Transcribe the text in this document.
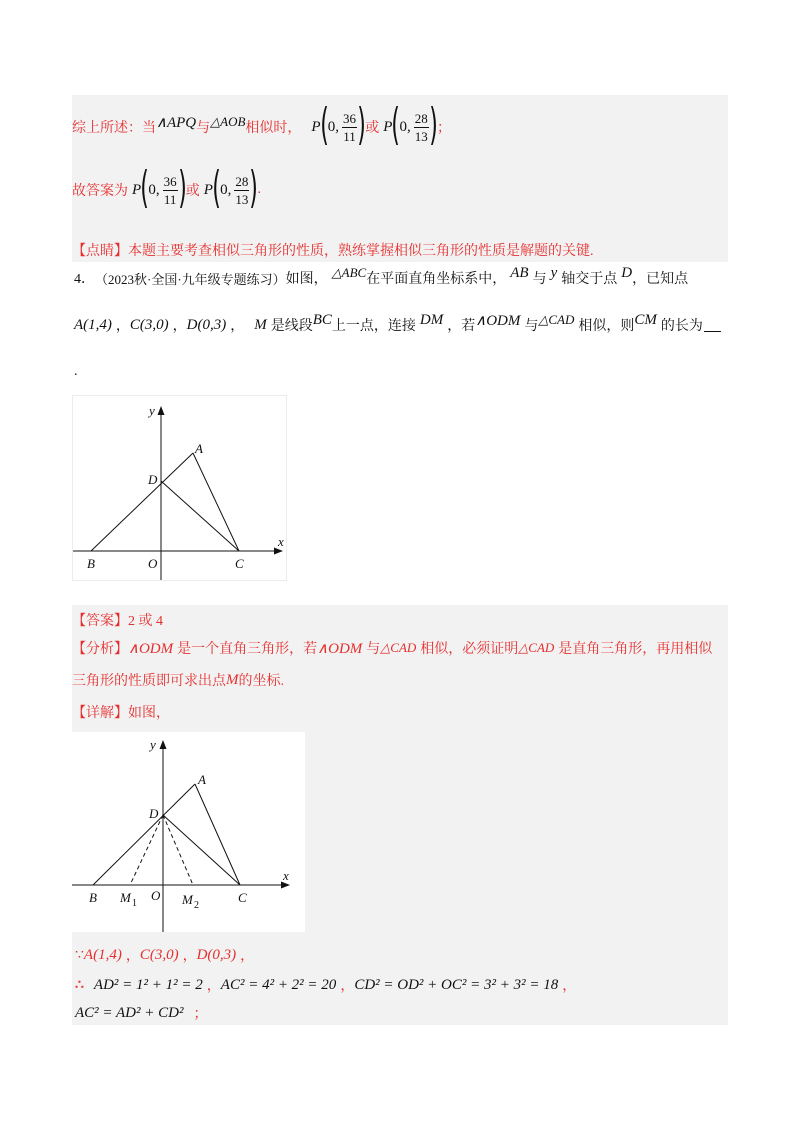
综上所述：当 ∧APQ 与 △AOB 相似时， P ( 0, $\frac{36}{11}$ ) 或 P ( 0, $\frac{28}{13}$ ) ；
故答案为 P ( 0, $\frac{36}{11}$ ) 或 P ( 0, $\frac{28}{13}$ ) .
【点睛】本题主要考查相似三角形的性质，熟练掌握相似三角形的性质是解题的关键.
4． （2023秋·全国·九年级专题练习） 如图， △ABC 在平面直角坐标系中， AB 与 y 轴交于点 D ，已知点
A(1,4) ， C(3,0) ， D(0,3) ， M 是线段 BC 上一点，连接 DM ，若 ∧ODM 与 △CAD 相似，则 CM 的长为
.
y
x
A
B	O	C
D
【答案】2 或 4
【分析】 ∧ODM 是一个直角三角形，若 ∧ODM 与 △CAD 相似，必须证明 △CAD 是直角三角形，再用相似
三角形的性质即可求出点 M 的坐标.
【详解】如图，
y
x
A
B M 1
O M 2
C
D
∵ A(1,4) ， C(3,0) ， D(0,3) ，
∴ AD² = 1² + 1² = 2 ， AC² = 4² + 2² = 20 ， CD² = OD² + OC² = 3² + 3² = 18 ，
AC² = AD² + CD² ；
